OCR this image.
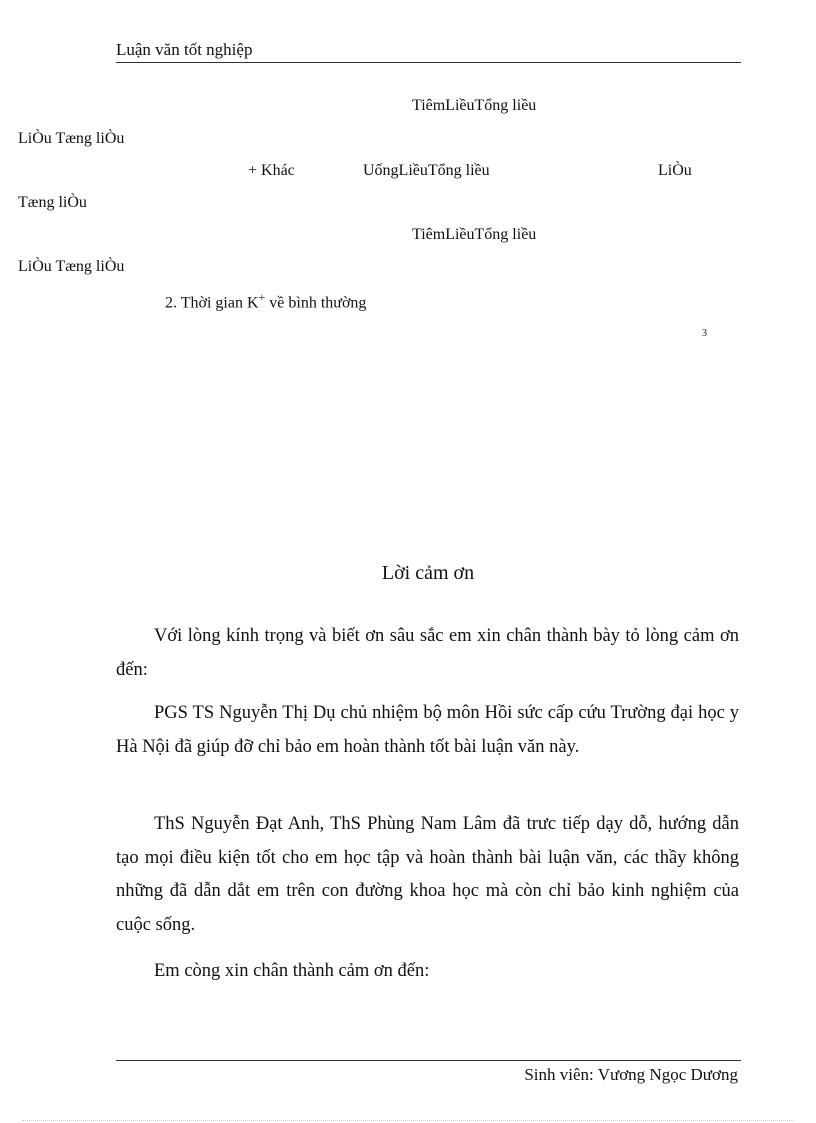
Luận văn tốt nghiệp
TiêmLiềuTổng liều
LiÒu Tæng liÒu
+ Khác	UốngLiềuTổng liều	LiÒu
Tæng liÒu
TiêmLiềuTổng liều
LiÒu Tæng liÒu
2. Thời gian K+ về bình thường
3
Lời cảm ơn

Với lòng kính trọng và biết ơn sâu sắc em xin chân thành bày tỏ lòng cảm ơn đến:

PGS TS Nguyễn Thị Dụ chủ nhiệm bộ môn Hồi sức cấp cứu Trường đại học y Hà Nội đã giúp đỡ chỉ bảo em hoàn thành tốt bài luận văn này.

ThS Nguyễn Đạt Anh, ThS Phùng Nam Lâm đã trưc tiếp dạy dỗ, hướng dẫn tạo mọi điều kiện tốt cho em học tập và hoàn thành bài luận văn, các thầy không những đã dẫn dắt em trên con đường khoa học mà còn chỉ bảo kinh nghiệm của cuộc sống.

Em còng xin chân thành cảm ơn đến:

Sinh viên: Vương Ngọc Dương
